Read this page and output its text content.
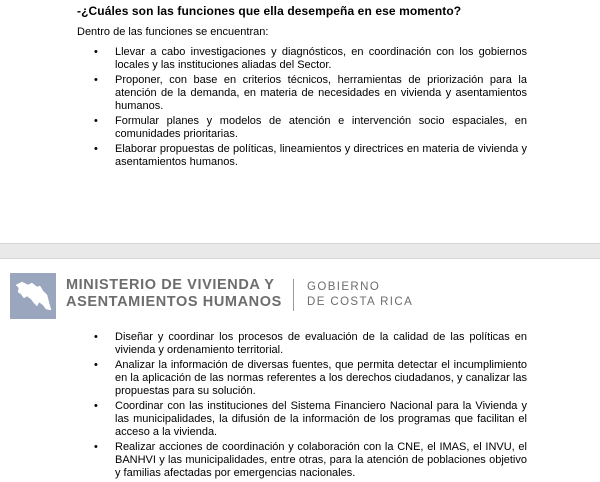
-¿Cuáles son las funciones que ella desempeña en ese momento?
Dentro de las funciones se encuentran:
• Llevar a cabo investigaciones y diagnósticos, en coordinación con los gobiernos locales y las instituciones aliadas del Sector.
• Proponer, con base en criterios técnicos, herramientas de priorización para la atención de la demanda, en materia de necesidades en vivienda y asentamientos humanos.
• Formular planes y modelos de atención e intervención socio espaciales, en comunidades prioritarias.
• Elaborar propuestas de políticas, lineamientos y directrices en materia de vivienda y asentamientos humanos.
MINISTERIO DE VIVIENDA Y
ASENTAMIENTOS HUMANOS
GOBIERNO
DE COSTA RICA
• Diseñar y coordinar los procesos de evaluación de la calidad de las políticas en vivienda y ordenamiento territorial.
• Analizar la información de diversas fuentes, que permita detectar el incumplimiento en la aplicación de las normas referentes a los derechos ciudadanos, y canalizar las propuestas para su solución.
• Coordinar con las instituciones del Sistema Financiero Nacional para la Vivienda y las municipalidades, la difusión de la información de los programas que facilitan el acceso a la vivienda.
• Realizar acciones de coordinación y colaboración con la CNE, el IMAS, el INVU, el BANHVI y las municipalidades, entre otras, para la atención de poblaciones objetivo y familias afectadas por emergencias nacionales.
